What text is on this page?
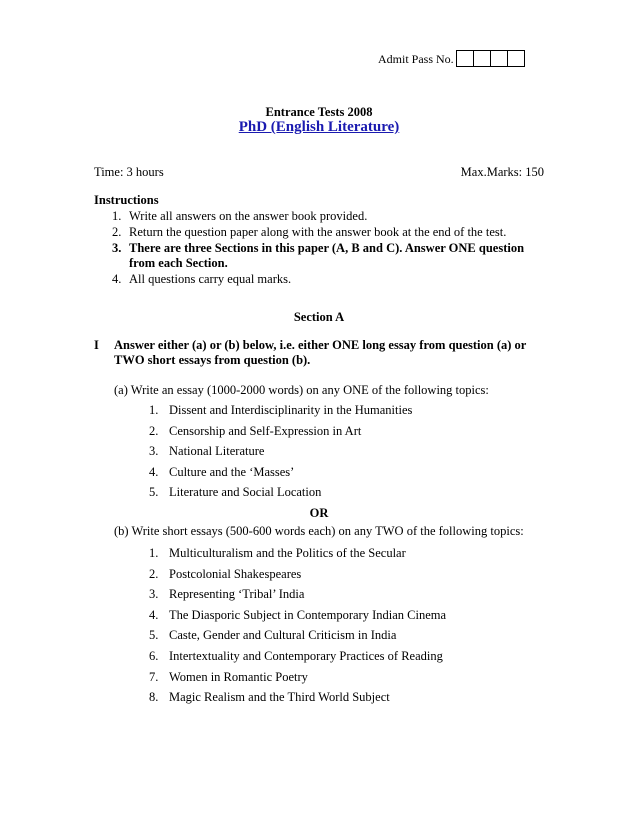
Admit Pass No.
Entrance Tests 2008
PhD (English Literature)
Time: 3 hours	Max.Marks: 150
Instructions
1. Write all answers on the answer book provided.
2. Return the question paper along with the answer book at the end of the test.
3. There are three Sections in this paper (A, B and C). Answer ONE question from each Section.
4. All questions carry equal marks.
Section A
I	Answer either (a) or (b) below, i.e. either ONE long essay from question (a) or TWO short essays from question (b).
(a) Write an essay (1000-2000 words) on any ONE of the following topics:
1. Dissent and Interdisciplinarity in the Humanities
2. Censorship and Self-Expression in Art
3. National Literature
4. Culture and the ‘Masses’
5. Literature and Social Location
OR
(b) Write short essays (500-600 words each) on any TWO of the following topics:
1. Multiculturalism and the Politics of the Secular
2. Postcolonial Shakespeares
3. Representing ‘Tribal’ India
4. The Diasporic Subject in Contemporary Indian Cinema
5. Caste, Gender and Cultural Criticism in India
6. Intertextuality and Contemporary Practices of Reading
7. Women in Romantic Poetry
8. Magic Realism and the Third World Subject
